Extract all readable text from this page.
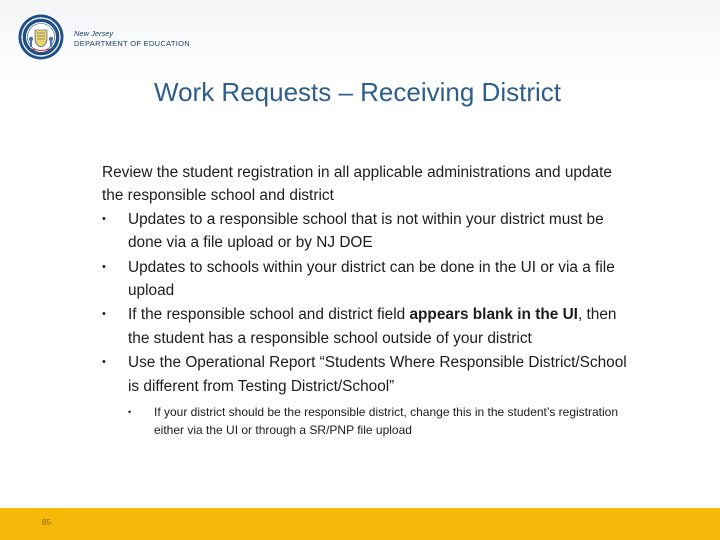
New Jersey
DEPARTMENT OF EDUCATION
Work Requests – Receiving District

Review the student registration in all applicable administrations and update the responsible school and district

•	Updates to a responsible school that is not within your district must be done via a file upload or by NJ DOE
•	Updates to schools within your district can be done in the UI or via a file upload
•	If the responsible school and district field appears blank in the UI, then the student has a responsible school outside of your district
•	Use the Operational Report “Students Where Responsible District/School is different from Testing District/School”
•	If your district should be the responsible district, change this in the student’s registration either via the UI or through a SR/PNP file upload
85
